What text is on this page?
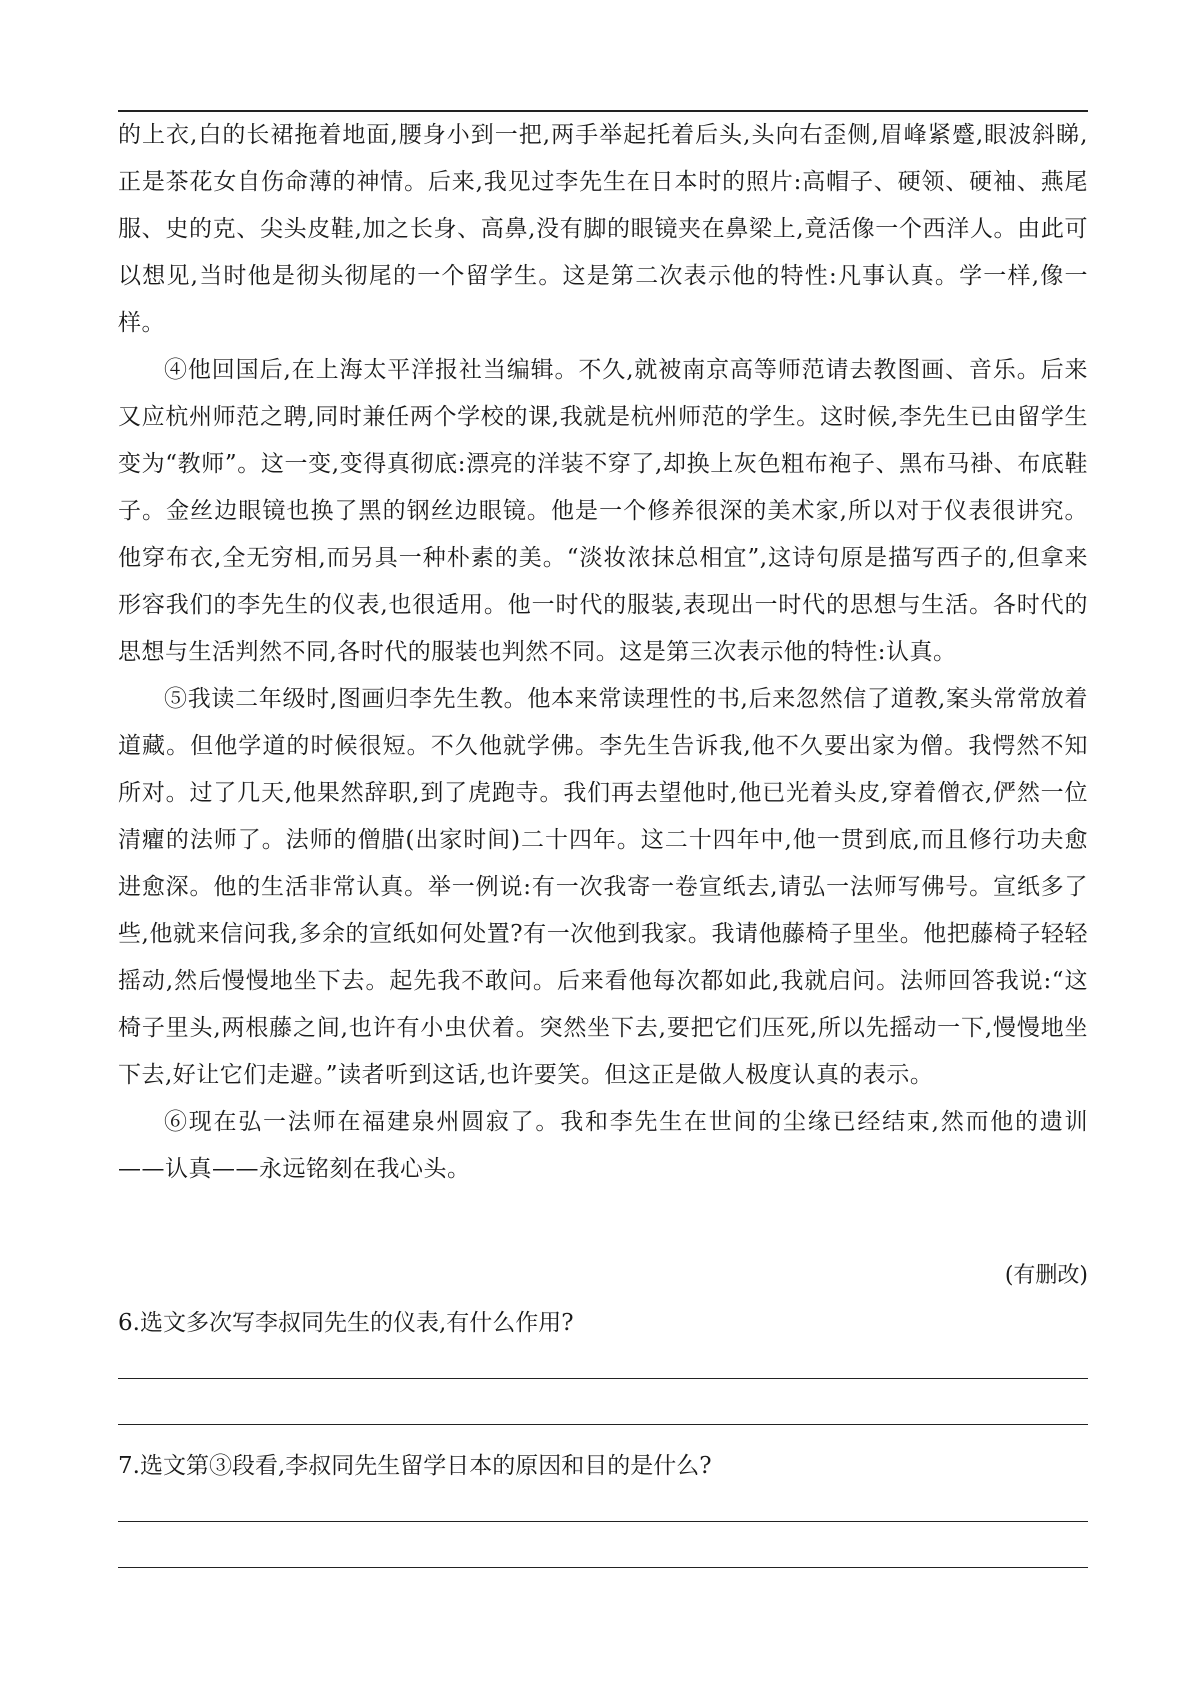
的上衣,白的长裙拖着地面,腰身小到一把,两手举起托着后头,头向右歪侧,眉峰紧蹙,眼波斜睇,正是茶花女自伤命薄的神情。后来,我见过李先生在日本时的照片:高帽子、硬领、硬袖、燕尾服、史的克、尖头皮鞋,加之长身、高鼻,没有脚的眼镜夹在鼻梁上,竟活像一个西洋人。由此可以想见,当时他是彻头彻尾的一个留学生。这是第二次表示他的特性:凡事认真。学一样,像一样。

④他回国后,在上海太平洋报社当编辑。不久,就被南京高等师范请去教图画、音乐。后来又应杭州师范之聘,同时兼任两个学校的课,我就是杭州师范的学生。这时候,李先生已由留学生变为“教师”。这一变,变得真彻底:漂亮的洋装不穿了,却换上灰色粗布袍子、黑布马褂、布底鞋子。金丝边眼镜也换了黑的钢丝边眼镜。他是一个修养很深的美术家,所以对于仪表很讲究。他穿布衣,全无穷相,而另具一种朴素的美。“淡妆浓抹总相宜”,这诗句原是描写西子的,但拿来形容我们的李先生的仪表,也很适用。他一时代的服装,表现出一时代的思想与生活。各时代的思想与生活判然不同,各时代的服装也判然不同。这是第三次表示他的特性:认真。

⑤我读二年级时,图画归李先生教。他本来常读理性的书,后来忽然信了道教,案头常常放着道藏。但他学道的时候很短。不久他就学佛。李先生告诉我,他不久要出家为僧。我愕然不知所对。过了几天,他果然辞职,到了虎跑寺。我们再去望他时,他已光着头皮,穿着僧衣,俨然一位清癯的法师了。法师的僧腊(出家时间)二十四年。这二十四年中,他一贯到底,而且修行功夫愈进愈深。他的生活非常认真。举一例说:有一次我寄一卷宣纸去,请弘一法师写佛号。宣纸多了些,他就来信问我,多余的宣纸如何处置?有一次他到我家。我请他藤椅子里坐。他把藤椅子轻轻摇动,然后慢慢地坐下去。起先我不敢问。后来看他每次都如此,我就启问。法师回答我说:“这椅子里头,两根藤之间,也许有小虫伏着。突然坐下去,要把它们压死,所以先摇动一下,慢慢地坐下去,好让它们走避。”读者听到这话,也许要笑。但这正是做人极度认真的表示。

⑥现在弘一法师在福建泉州圆寂了。我和李先生在世间的尘缘已经结束,然而他的遗训——认真——永远铭刻在我心头。

(有删改)
6.选文多次写李叔同先生的仪表,有什么作用?
7.选文第③段看,李叔同先生留学日本的原因和目的是什么?
